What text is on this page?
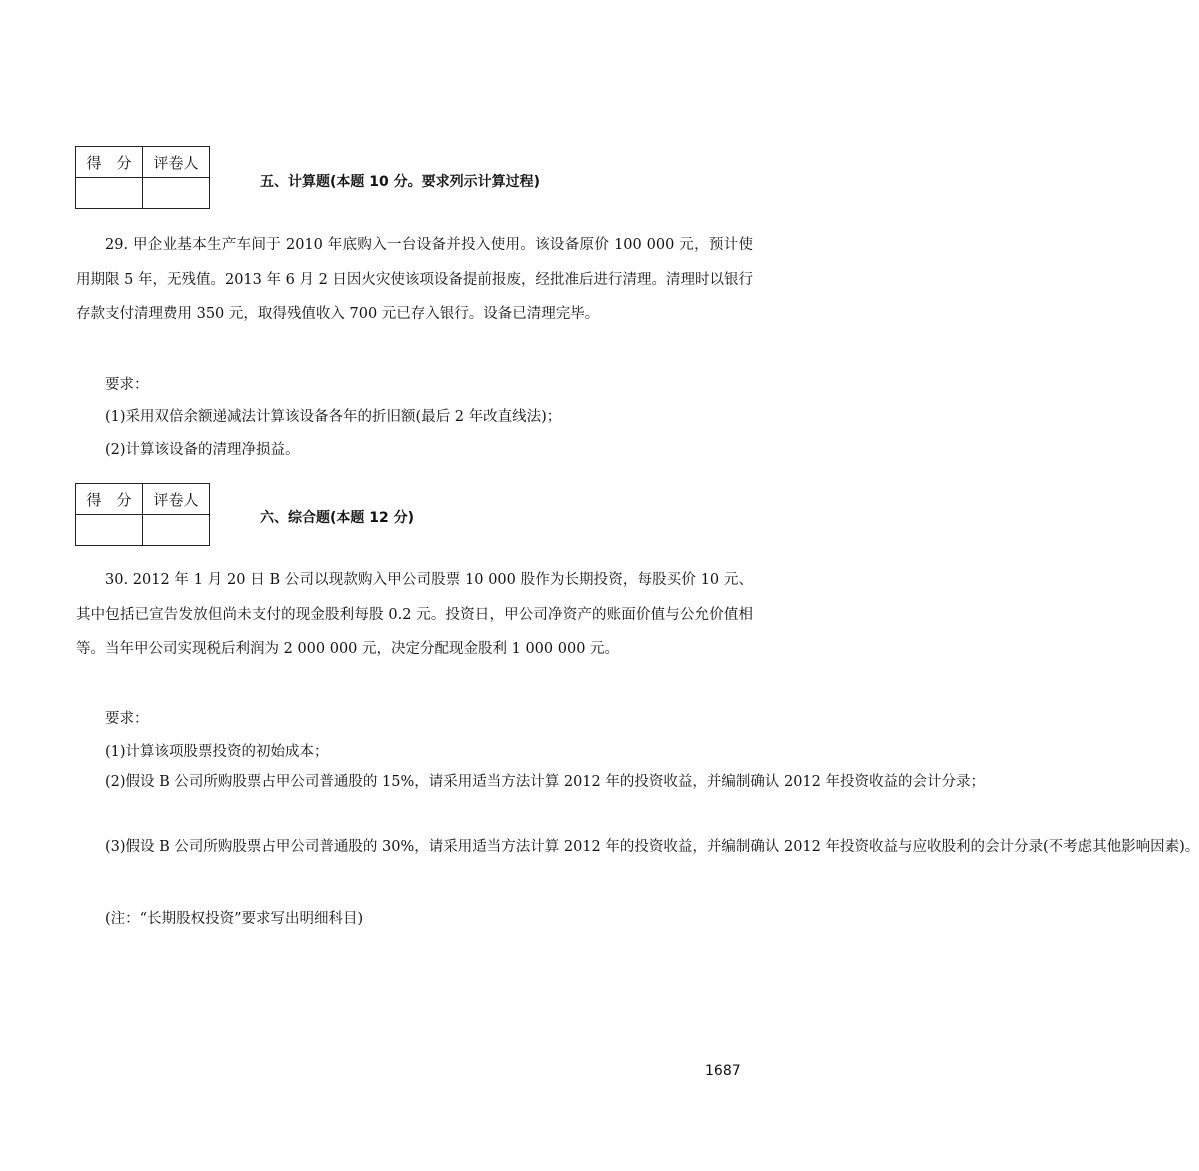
得　分	评卷人

五、计算题(本题 10 分。要求列示计算过程)

29. 甲企业基本生产车间于 2010 年底购入一台设备并投入使用。该设备原价 100 000 元，预计使用期限 5 年，无残值。2013 年 6 月 2 日因火灾使该项设备提前报废，经批准后进行清理。清理时以银行存款支付清理费用 350 元，取得残值收入 700 元已存入银行。设备已清理完毕。

要求：

(1)采用双倍余额递减法计算该设备各年的折旧额(最后 2 年改直线法)；

(2)计算该设备的清理净损益。

得　分	评卷人

六、综合题(本题 12 分)

30. 2012 年 1 月 20 日 B 公司以现款购入甲公司股票 10 000 股作为长期投资，每股买价 10 元、其中包括已宣告发放但尚未支付的现金股利每股 0.2 元。投资日，甲公司净资产的账面价值与公允价值相等。当年甲公司实现税后利润为 2 000 000 元，决定分配现金股利 1 000 000 元。

要求：

(1)计算该项股票投资的初始成本；

(2)假设 B 公司所购股票占甲公司普通股的 15%，请采用适当方法计算 2012 年的投资收益，并编制确认 2012 年投资收益的会计分录；

(3)假设 B 公司所购股票占甲公司普通股的 30%，请采用适当方法计算 2012 年的投资收益，并编制确认 2012 年投资收益与应收股利的会计分录(不考虑其他影响因素)。

(注：“长期股权投资”要求写出明细科目)

1687
